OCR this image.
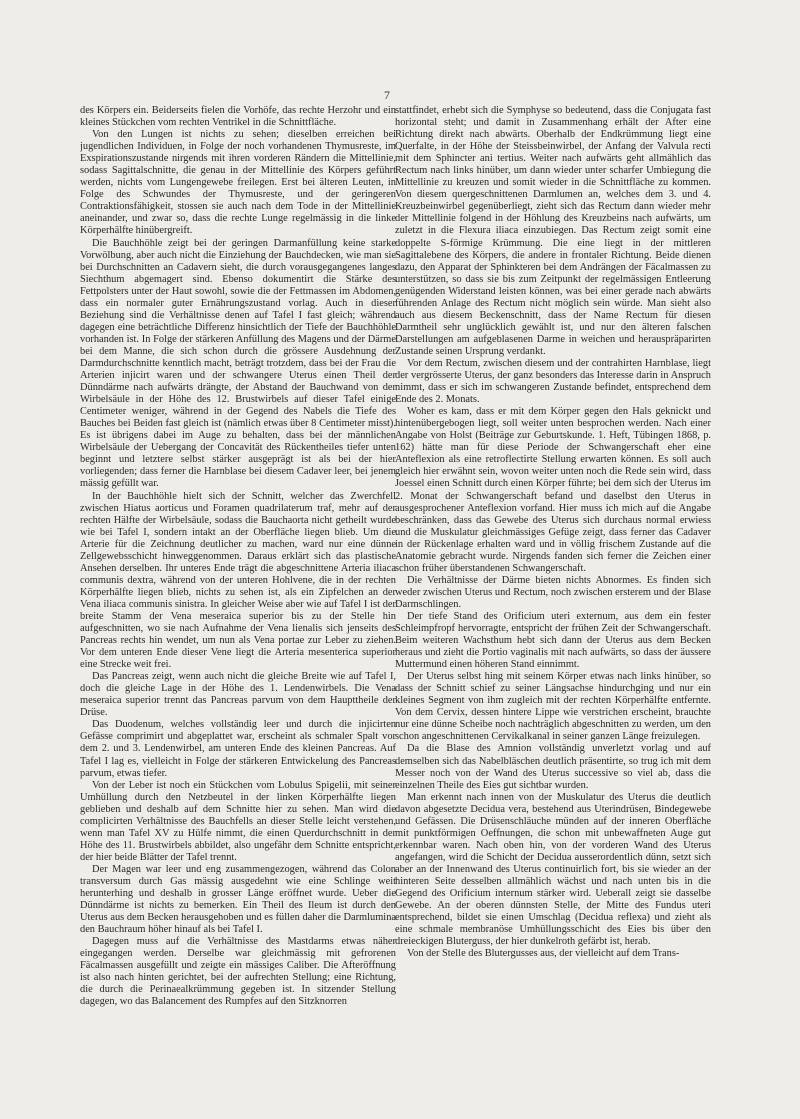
7

des Körpers ein. Beiderseits fielen die Vorhöfe, das rechte Herzohr und ein kleines Stückchen vom rechten Ventrikel in die Schnittfläche.

Von den Lungen ist nichts zu sehen; dieselben erreichen bei jugendlichen Individuen, in Folge der noch vorhandenen Thymusreste, im Exspirationszustande nirgends mit ihren vorderen Rändern die Mittellinie, sodass Sagittalschnitte, die genau in der Mittellinie des Körpers geführt werden, nichts vom Lungengewebe freilegen. Erst bei älteren Leuten, in Folge des Schwundes der Thymusreste, und der geringeren Contraktionsfähigkeit, stossen sie auch nach dem Tode in der Mittellinie aneinander, und zwar so, dass die rechte Lunge regelmässig in die linke Körperhälfte hinübergreift.

Die Bauchhöhle zeigt bei der geringen Darmanfüllung keine starke Vorwölbung, aber auch nicht die Einziehung der Bauchdecken, wie man sie bei Durchschnitten an Cadavern sieht, die durch vorausgegangenes langes Siechthum abgemagert sind. Ebenso dokumentirt die Stärke des Fettpolsters unter der Haut sowohl, sowie die der Fettmassen im Abdomen, dass ein normaler guter Ernährungszustand vorlag. Auch in dieser Beziehung sind die Verhältnisse denen auf Tafel I fast gleich; während dagegen eine beträchtliche Differenz hinsichtlich der Tiefe der Bauchhöhle vorhanden ist. In Folge der stärkeren Anfüllung des Magens und der Därme bei dem Manne, die sich schon durch die grössere Ausdehnung der Darmdurchschnitte kenntlich macht, beträgt trotzdem, dass bei der Frau die Arterien injicirt waren und der schwangere Uterus einen Theil der Dünndärme nach aufwärts drängte, der Abstand der Bauchwand von der Wirbelsäule in der Höhe des 12. Brustwirbels auf dieser Tafel einige Centimeter weniger, während in der Gegend des Nabels die Tiefe des Bauches bei Beiden fast gleich ist (nämlich etwas über 8 Centimeter misst). Es ist übrigens dabei im Auge zu behalten, dass bei der männlichen Wirbelsäule der Uebergang der Concavität des Rückentheiles tiefer unten beginnt und letztere selbst stärker ausgeprägt ist als bei der hier vorliegenden; dass ferner die Harnblase bei diesem Cadaver leer, bei jenem mässig gefüllt war.

In der Bauchhöhle hielt sich der Schnitt, welcher das Zwerchfell zwischen Hiatus aorticus und Foramen quadrilaterum traf, mehr auf der rechten Hälfte der Wirbelsäule, sodass die Bauchaorta nicht getheilt wurde wie bei Tafel I, sondern intakt an der Oberfläche liegen blieb. Um die Arterie für die Zeichnung deutlicher zu machen, ward nur eine dünne Zellgewebsschicht hinweggenommen. Daraus erklärt sich das plastische Ansehen derselben. Ihr unteres Ende trägt die abgeschnittene Arteria iliaca communis dextra, während von der unteren Hohlvene, die in der rechten Körperhälfte liegen blieb, nichts zu sehen ist, als ein Zipfelchen an der Vena iliaca communis sinistra. In gleicher Weise aber wie auf Tafel I ist der breite Stamm der Vena meseraica superior bis zu der Stelle hin aufgeschnitten, wo sie nach Aufnahme der Vena lienalis sich jenseits des Pancreas rechts hin wendet, um nun als Vena portae zur Leber zu ziehen. Vor dem unteren Ende dieser Vene liegt die Arteria mesenterica superior eine Strecke weit frei.

Das Pancreas zeigt, wenn auch nicht die gleiche Breite wie auf Tafel I, doch die gleiche Lage in der Höhe des 1. Lendenwirbels. Die Vena meseraica superior trennt das Pancreas parvum von dem Haupttheile der Drüse.

Das Duodenum, welches vollständig leer und durch die injicirten Gefässe comprimirt und abgeplattet war, erscheint als schmaler Spalt vor dem 2. und 3. Lendenwirbel, am unteren Ende des kleinen Pancreas. Auf Tafel I lag es, vielleicht in Folge der stärkeren Entwickelung des Pancreas parvum, etwas tiefer.

Von der Leber ist noch ein Stückchen vom Lobulus Spigelii, mit seiner Umhüllung durch den Netzbeutel in der linken Körperhälfte liegen geblieben und deshalb auf dem Schnitte hier zu sehen. Man wird die complicirten Verhältnisse des Bauchfells an dieser Stelle leicht verstehen, wenn man Tafel XV zu Hülfe nimmt, die einen Querdurchschnitt in der Höhe des 11. Brustwirbels abbildet, also ungefähr dem Schnitte entspricht, der hier beide Blätter der Tafel trennt.

Der Magen war leer und eng zusammengezogen, während das Colon transversum durch Gas mässig ausgedehnt wie eine Schlinge weit herunterhing und deshalb in grosser Länge eröffnet wurde. Ueber die Dünndärme ist nichts zu bemerken. Ein Theil des Ileum ist durch den Uterus aus dem Becken herausgehoben und es füllen daher die Darmlumina den Bauchraum höher hinauf als bei Tafel I.

Dagegen muss auf die Verhältnisse des Mastdarms etwas näher eingegangen werden. Derselbe war gleichmässig mit gefrorenen Fäcalmassen ausgefüllt und zeigte ein mässiges Caliber. Die Afteröffnung ist also nach hinten gerichtet, bei der aufrechten Stellung; eine Richtung, die durch die Perinaealkrümmung gegeben ist. In sitzender Stellung dagegen, wo das Balancement des Rumpfes auf den Sitzknorren

stattfindet, erhebt sich die Symphyse so bedeutend, dass die Conjugata fast horizontal steht; und damit in Zusammenhang erhält der After eine Richtung direkt nach abwärts. Oberhalb der Endkrümmung liegt eine Querfalte, in der Höhe der Steissbeinwirbel, der Anfang der Valvula recti mit dem Sphincter ani tertius. Weiter nach aufwärts geht allmählich das Rectum nach links hinüber, um dann wieder unter scharfer Umbiegung die Mittellinie zu kreuzen und somit wieder in die Schnittfläche zu kommen. Von diesem quergeschnittenen Darmlumen an, welches dem 3. und 4. Kreuzbeinwirbel gegenüberliegt, zieht sich das Rectum dann wieder mehr der Mittellinie folgend in der Höhlung des Kreuzbeins nach aufwärts, um zuletzt in die Flexura iliaca einzubiegen. Das Rectum zeigt somit eine doppelte S-förmige Krümmung. Die eine liegt in der mittleren Sagittalebene des Körpers, die andere in frontaler Richtung. Beide dienen dazu, den Apparat der Sphinkteren bei dem Andrängen der Fäcalmassen zu unterstützen, so dass sie bis zum Zeitpunkt der regelmässigen Entleerung genügenden Widerstand leisten können, was bei einer gerade nach abwärts führenden Anlage des Rectum nicht möglich sein würde. Man sieht also auch aus diesem Beckenschnitt, dass der Name Rectum für diesen Darmtheil sehr unglücklich gewählt ist, und nur den älteren falschen Darstellungen am aufgeblasenen Darme in weichen und herauspräparirten Zustande seinen Ursprung verdankt.

Vor dem Rectum, zwischen diesem und der contrahirten Harnblase, liegt der vergrösserte Uterus, der ganz besonders das Interesse darin in Anspruch nimmt, dass er sich im schwangeren Zustande befindet, entsprechend dem Ende des 2. Monats.

Woher es kam, dass er mit dem Körper gegen den Hals geknickt und hintenübergebogen liegt, soll weiter unten besprochen werden. Nach einer Angabe von Holst (Beiträge zur Geburtskunde. 1. Heft, Tübingen 1868, p. 162) hätte man für diese Periode der Schwangerschaft eher eine Anteflexion als eine retroflectirte Stellung erwarten können. Es soll auch gleich hier erwähnt sein, wovon weiter unten noch die Rede sein wird, dass Joessel einen Schnitt durch einen Körper führte; bei dem sich der Uterus im 2. Monat der Schwangerschaft befand und daselbst den Uterus in ausgesprochener Anteflexion vorfand. Hier muss ich mich auf die Angabe beschränken, dass das Gewebe des Uterus sich durchaus normal erwiess und die Muskulatur gleichmässiges Gefüge zeigt, dass ferner das Cadaver in der Rückenlage erhalten ward und in völlig frischem Zustande auf die Anatomie gebracht wurde. Nirgends fanden sich ferner die Zeichen einer schon früher überstandenen Schwangerschaft.

Die Verhältnisse der Därme bieten nichts Abnormes. Es finden sich weder zwischen Uterus und Rectum, noch zwischen ersterem und der Blase Darmschlingen.

Der tiefe Stand des Orificium uteri externum, aus dem ein fester Schleimpfropf hervorragte, entspricht der frühen Zeit der Schwangerschaft. Beim weiteren Wachsthum hebt sich dann der Uterus aus dem Becken heraus und zieht die Portio vaginalis mit nach aufwärts, so dass der äussere Muttermund einen höheren Stand einnimmt.

Der Uterus selbst hing mit seinem Körper etwas nach links hinüber, so dass der Schnitt schief zu seiner Längsachse hindurchging und nur ein kleines Segment von ihm zugleich mit der rechten Körperhälfte entfernte. Von dem Cervix, dessen hintere Lippe wie verstrichen erscheint, brauchte nur eine dünne Scheibe noch nachträglich abgeschnitten zu werden, um den schon angeschnittenen Cervikalkanal in seiner ganzen Länge freizulegen.

Da die Blase des Amnion vollständig unverletzt vorlag und auf demselben sich das Nabelbläschen deutlich präsentirte, so trug ich mit dem Messer noch von der Wand des Uterus successive so viel ab, dass die einzelnen Theile des Eies gut sichtbar wurden.

Man erkennt nach innen von der Muskulatur des Uterus die deutlich davon abgesetzte Decidua vera, bestehend aus Uterindrüsen, Bindegewebe und Gefässen. Die Drüsenschläuche münden auf der inneren Oberfläche mit punktförmigen Oeffnungen, die schon mit unbewaffneten Auge gut erkennbar waren. Nach oben hin, von der vorderen Wand des Uterus angefangen, wird die Schicht der Decidua ausserordentlich dünn, setzt sich aber an der Innenwand des Uterus continuirlich fort, bis sie wieder an der hinteren Seite desselben allmählich wächst und nach unten bis in die Gegend des Orificium internum stärker wird. Ueberall zeigt sie dasselbe Gewebe. An der oberen dünnsten Stelle, der Mitte des Fundus uteri entsprechend, bildet sie einen Umschlag (Decidua reflexa) und zieht als eine schmale membranöse Umhüllungsschicht des Eies bis über den dreieckigen Bluterguss, der hier dunkelroth gefärbt ist, herab.

Von der Stelle des Blutergusses aus, der vielleicht auf dem Trans-
